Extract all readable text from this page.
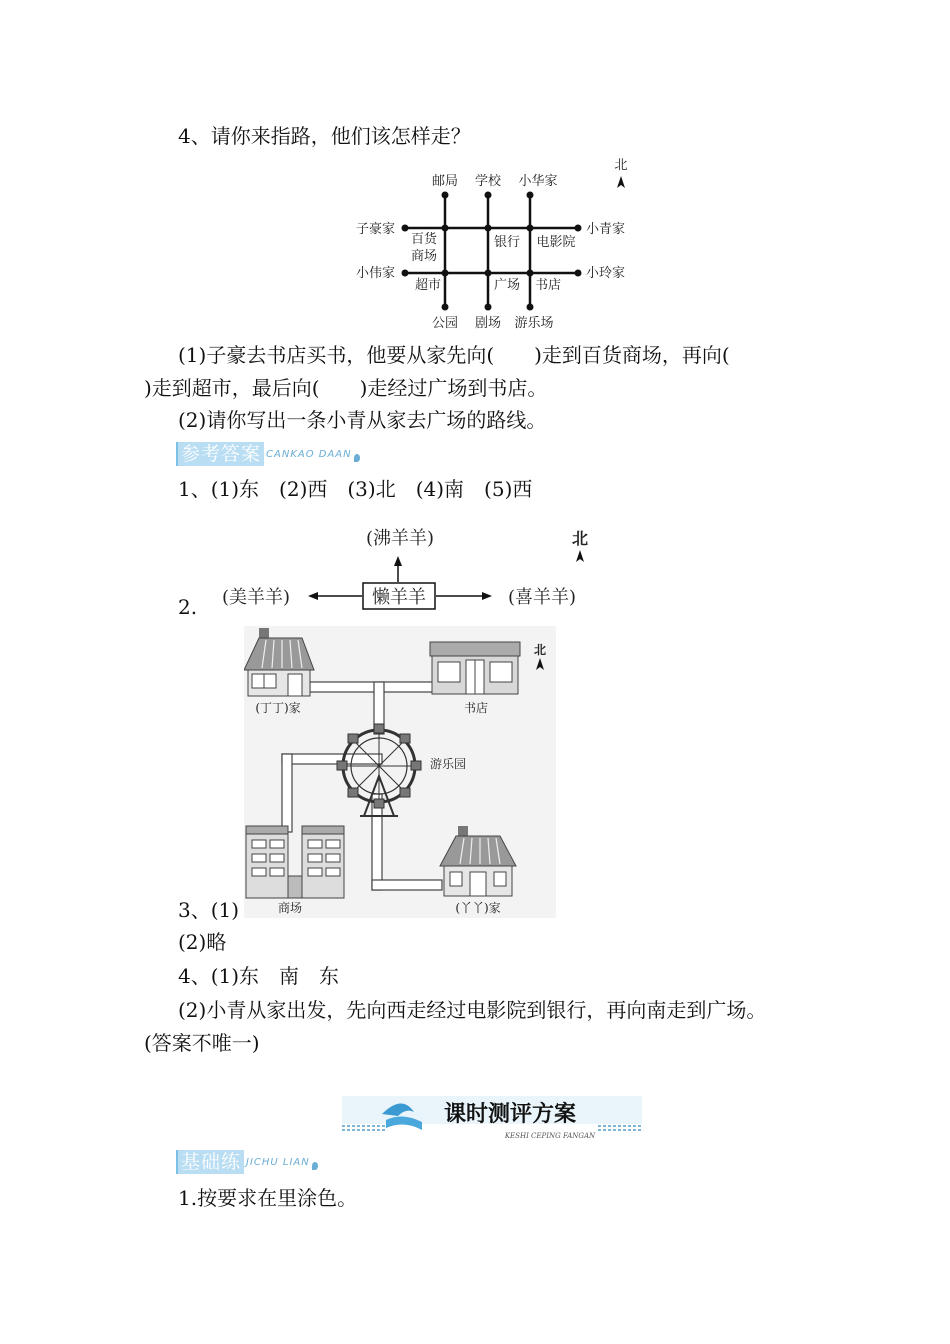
4、请你来指路，他们该怎样走？
北
邮局 学校 小华家
子豪家
小伟家
小青家
小玲家
公园 剧场 游乐场
百货
商场
银行 电影院
超市	广场 书店
(1)子豪去书店买书，他要从家先向(　　)走到百货商场，再向(
)走到超市，最后向(　　)走经过广场到书店。
(2)请你写出一条小青从家去广场的路线。
参考答案 CANKAO DAAN
1、(1)东　(2)西　(3)北　(4)南　(5)西
2.
(沸羊羊)	北
懒羊羊
(美羊羊)	(喜羊羊)
(丁丁)家	书店
北
游乐园
商场	(丫丫)家
3、(1)
(2)略
4、(1)东　南　东
(2)小青从家出发，先向西走经过电影院到银行，再向南走到广场。
(答案不唯一)
课时测评方案
KESHI CEPING FANGAN
基础练 JICHU LIAN
1.按要求在里涂色。
